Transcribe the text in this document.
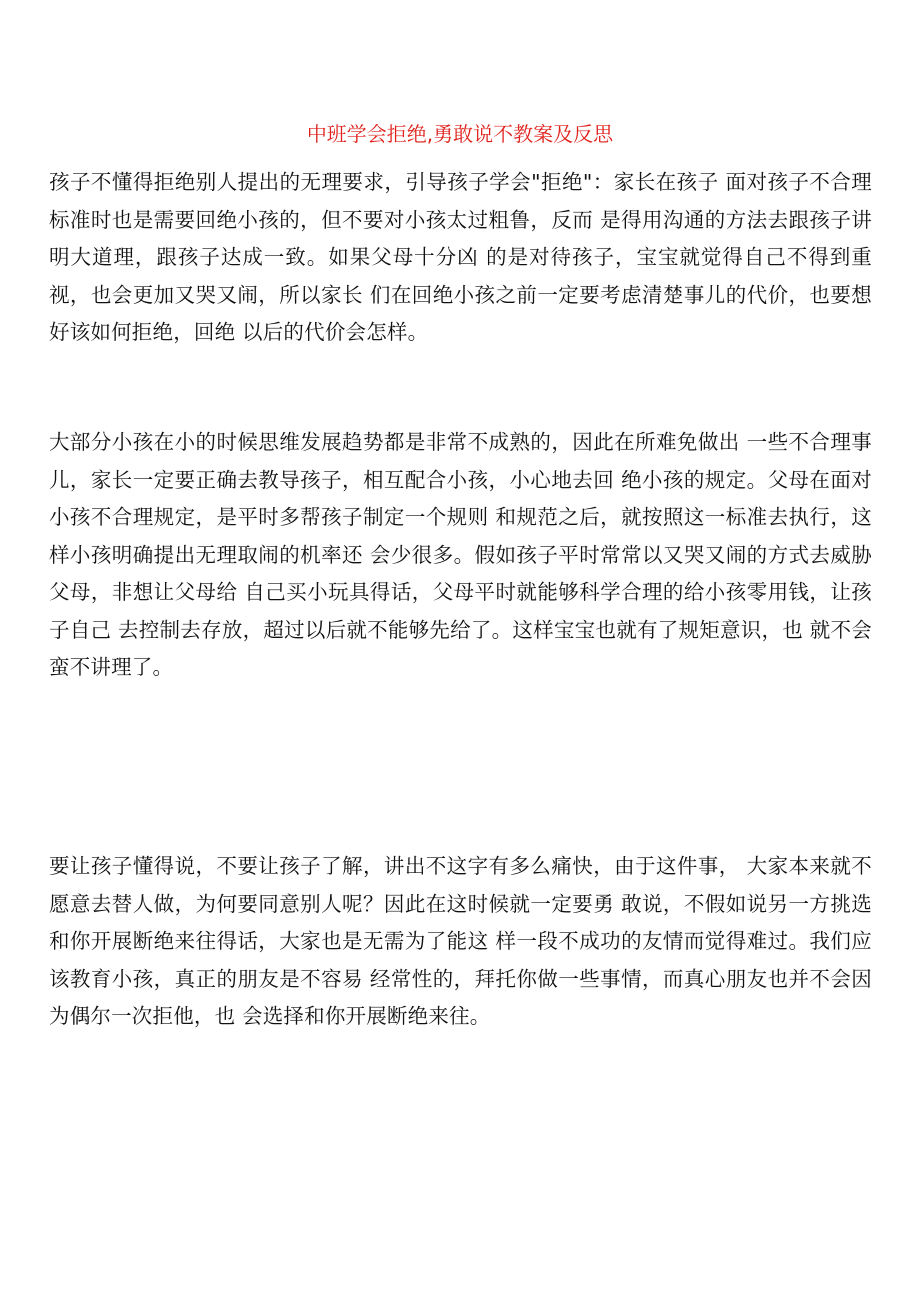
中班学会拒绝,勇敢说不教案及反思

孩子不懂得拒绝别人提出的无理要求，引导孩子学会"拒绝"：家长在孩子 面对孩子不合理标准时也是需要回绝小孩的，但不要对小孩太过粗鲁，反而 是得用沟通的方法去跟孩子讲明大道理，跟孩子达成一致。如果父母十分凶 的是对待孩子，宝宝就觉得自己不得到重视，也会更加又哭又闹，所以家长 们在回绝小孩之前一定要考虑清楚事儿的代价，也要想好该如何拒绝，回绝 以后的代价会怎样。

大部分小孩在小的时候思维发展趋势都是非常不成熟的，因此在所难免做出 一些不合理事儿，家长一定要正确去教导孩子，相互配合小孩，小心地去回 绝小孩的规定。父母在面对小孩不合理规定，是平时多帮孩子制定一个规则 和规范之后，就按照这一标准去执行，这样小孩明确提出无理取闹的机率还 会少很多。假如孩子平时常常以又哭又闹的方式去威胁父母，非想让父母给 自己买小玩具得话，父母平时就能够科学合理的给小孩零用钱，让孩子自己 去控制去存放，超过以后就不能够先给了。这样宝宝也就有了规矩意识，也 就不会蛮不讲理了。

要让孩子懂得说，不要让孩子了解，讲出不这字有多么痛快，由于这件事， 大家本来就不愿意去替人做，为何要同意别人呢？因此在这时候就一定要勇 敢说，不假如说另一方挑选和你开展断绝来往得话，大家也是无需为了能这 样一段不成功的友情而觉得难过。我们应该教育小孩，真正的朋友是不容易 经常性的，拜托你做一些事情，而真心朋友也并不会因为偶尔一次拒他，也 会选择和你开展断绝来往。
